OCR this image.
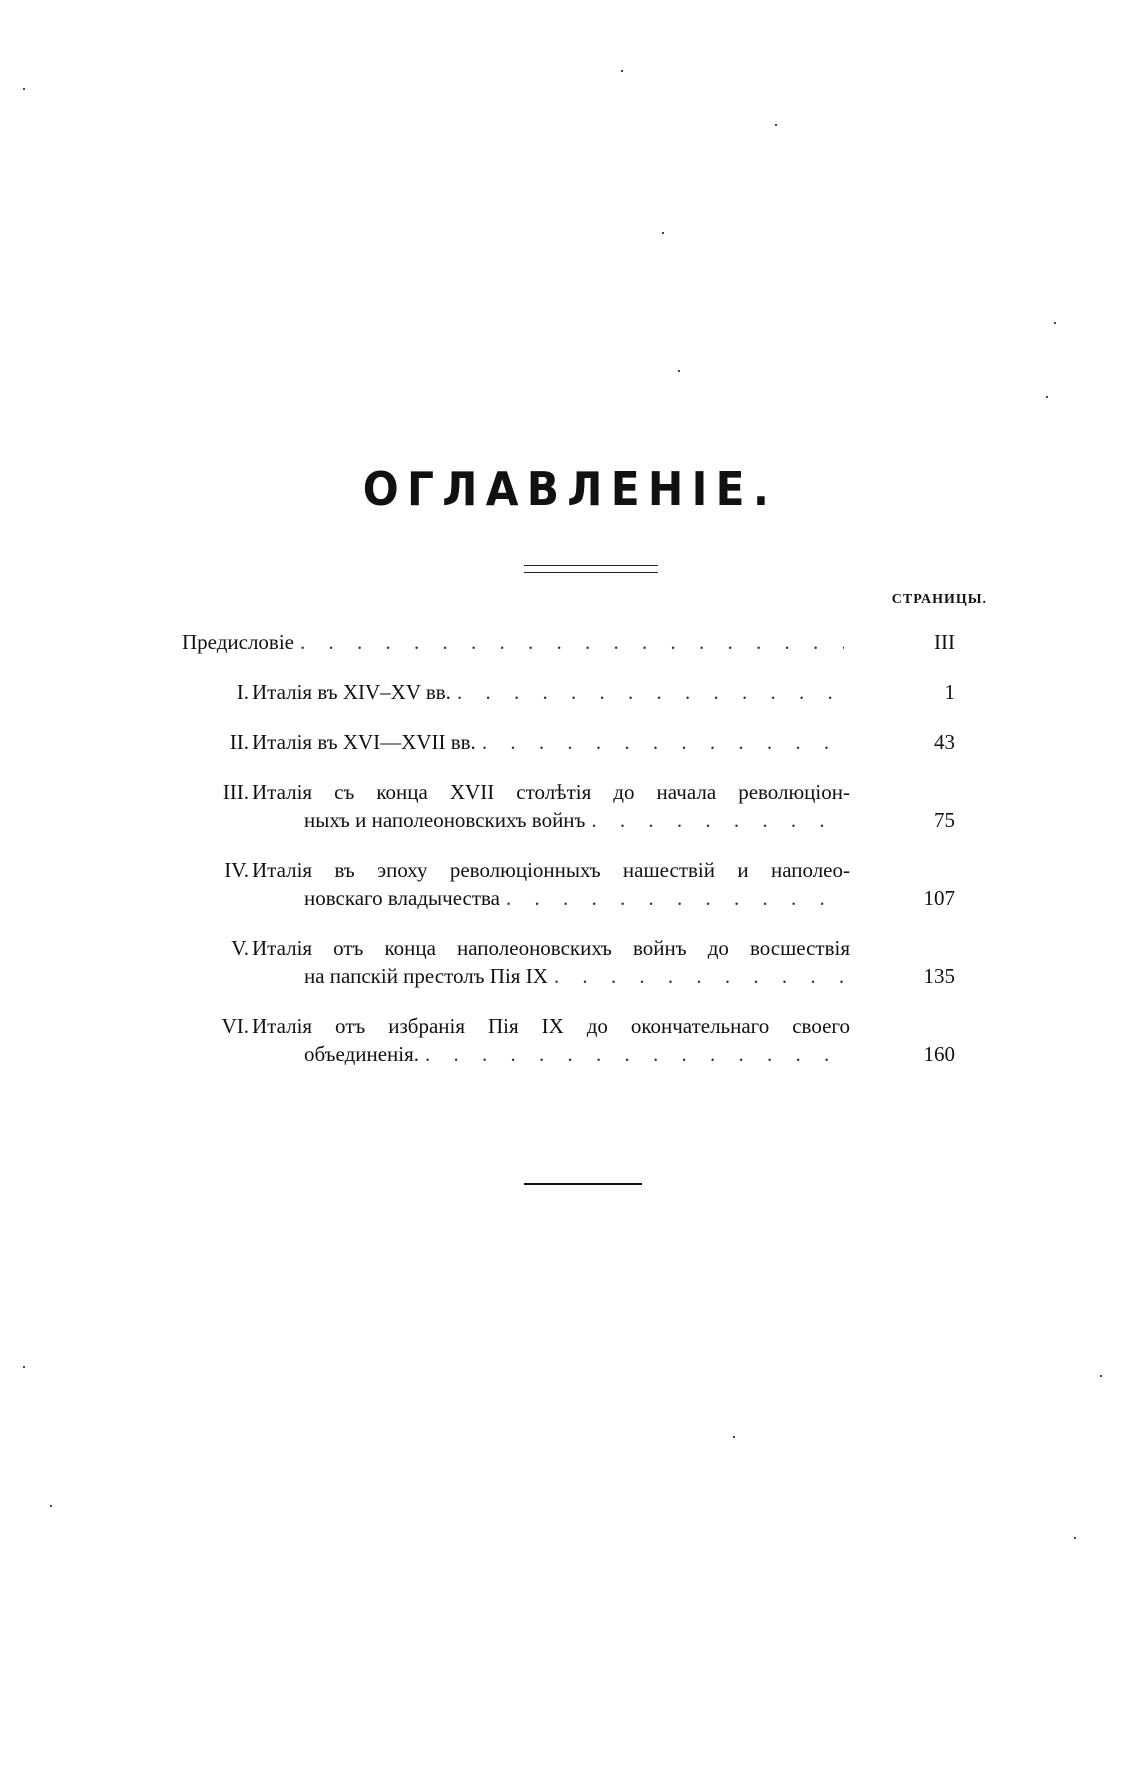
ОГЛАВЛЕНІЕ.
СТРАНИЦЫ.
Предисловіе . . .	III
I. Италія въ XIV–XV вв. . . .	1
II. Италія въ XVI—XVII вв. . . .	43
III. Италія съ конца XVII столѣтія до начала революціон-
ныхъ и наполеоновскихъ войнъ . . .	75
IV. Италія въ эпоху революціонныхъ нашествій и наполео-
новскаго владычества . . .	107
V. Италія отъ конца наполеоновскихъ войнъ до восшествія
на папскій престолъ Пія IX . . .	135
VI. Италія отъ избранія Пія IX до окончательнаго своего
объединенія. . . .	160
